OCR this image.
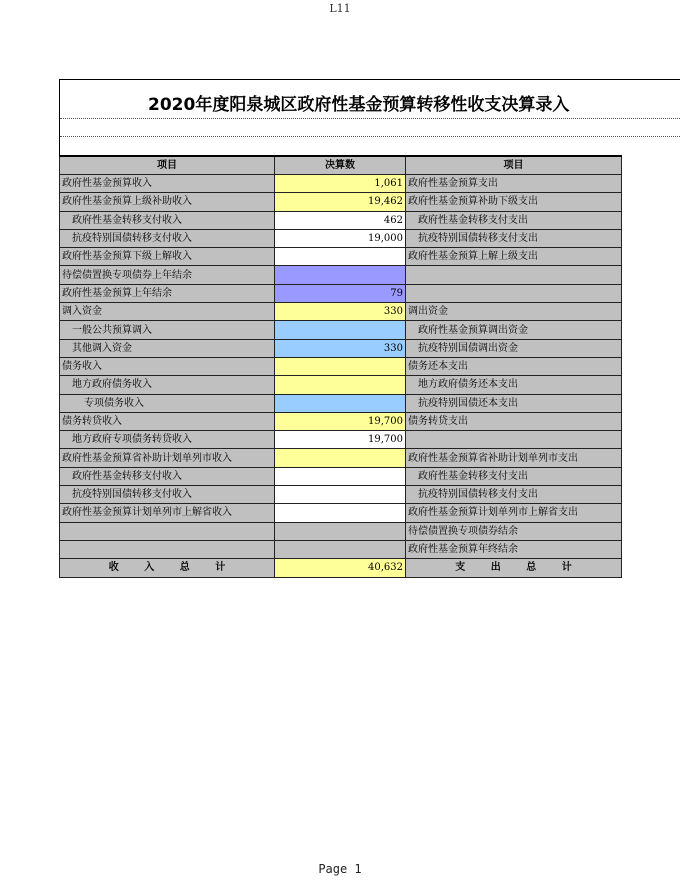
L11
2020年度阳泉城区政府性基金预算转移性收支决算录入
项目	决算数	项目
政府性基金预算收入	1,061	政府性基金预算支出
政府性基金预算上级补助收入	19,462	政府性基金预算补助下级支出
政府性基金转移支付收入	462	政府性基金转移支付支出
抗疫特别国债转移支付收入	19,000	抗疫特别国债转移支付支出
政府性基金预算下级上解收入		政府性基金预算上解上级支出
待偿债置换专项债券上年结余		
政府性基金预算上年结余	79	
调入资金	330	调出资金
一般公共预算调入		政府性基金预算调出资金
其他调入资金	330	抗疫特别国债调出资金
债务收入		债务还本支出
地方政府债务收入		地方政府债务还本支出
专项债务收入		抗疫特别国债还本支出
债务转贷收入	19,700	债务转贷支出
地方政府专项债务转贷收入	19,700	
政府性基金预算省补助计划单列市收入		政府性基金预算省补助计划单列市支出
政府性基金转移支付收入		政府性基金转移支付支出
抗疫特别国债转移支付收入		抗疫特别国债转移支付支出
政府性基金预算计划单列市上解省收入		政府性基金预算计划单列市上解省支出
		待偿债置换专项债券结余
		政府性基金预算年终结余
收 入 总 计	40,632	支 出 总 计
Page 1
